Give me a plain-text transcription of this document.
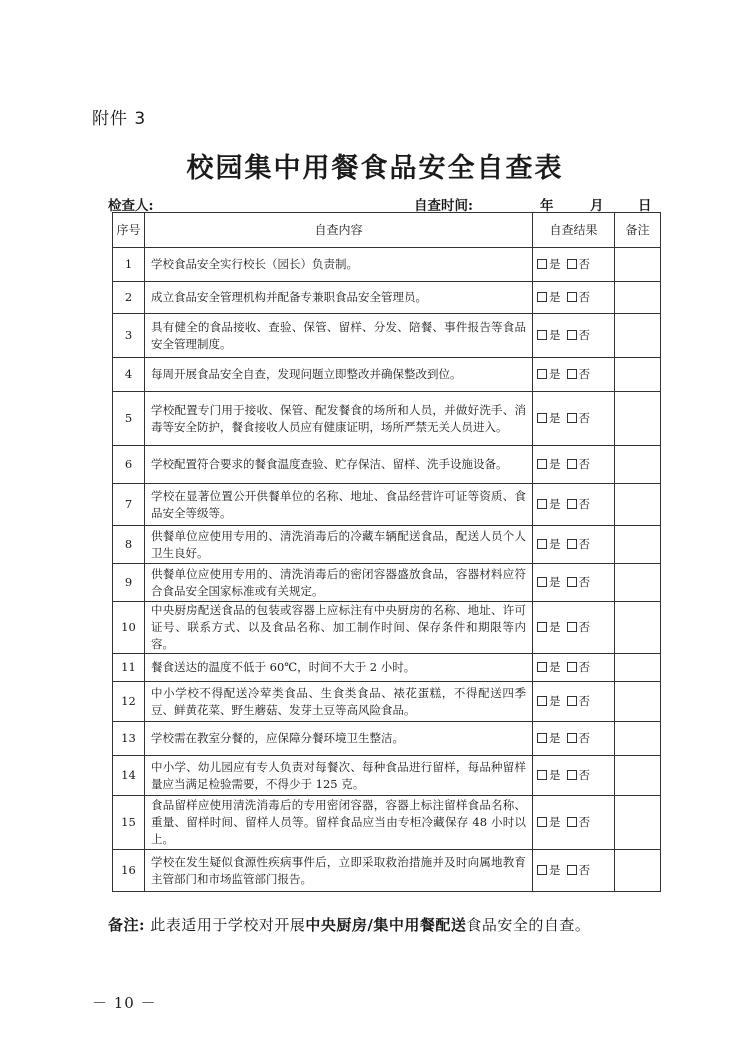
附件 3
校园集中用餐食品安全自查表
检查人:	自查时间:	年	月	日
序号	自查内容	自查结果	备注
1	学校食品安全实行校长（园长）负责制。	是 否	
2	成立食品安全管理机构并配备专兼职食品安全管理员。	是 否	
3	具有健全的食品接收、查验、保管、留样、分发、陪餐、事件报告等食品安全管理制度。	是 否	
4	每周开展食品安全自查，发现问题立即整改并确保整改到位。	是 否	
5	学校配置专门用于接收、保管、配发餐食的场所和人员，并做好洗手、消毒等安全防护，餐食接收人员应有健康证明，场所严禁无关人员进入。	是 否	
6	学校配置符合要求的餐食温度查验、贮存保洁、留样、洗手设施设备。	是 否	
7	学校在显著位置公开供餐单位的名称、地址、食品经营许可证等资质、食品安全等级等。	是 否	
8	供餐单位应使用专用的、清洗消毒后的冷藏车辆配送食品，配送人员个人卫生良好。	是 否	
9	供餐单位应使用专用的、清洗消毒后的密闭容器盛放食品，容器材料应符合食品安全国家标准或有关规定。	是 否	
10	中央厨房配送食品的包装或容器上应标注有中央厨房的名称、地址、许可证号、联系方式、以及食品名称、加工制作时间、保存条件和期限等内容。	是 否	
11	餐食送达的温度不低于 60℃，时间不大于 2 小时。	是 否	
12	中小学校不得配送冷荤类食品、生食类食品、裱花蛋糕，不得配送四季豆、鲜黄花菜、野生蘑菇、发芽土豆等高风险食品。	是 否	
13	学校需在教室分餐的，应保障分餐环境卫生整洁。	是 否	
14	中小学、幼儿园应有专人负责对每餐次、每种食品进行留样，每品种留样量应当满足检验需要，不得少于 125 克。	是 否	
15	食品留样应使用清洗消毒后的专用密闭容器，容器上标注留样食品名称、重量、留样时间、留样人员等。留样食品应当由专柜冷藏保存 48 小时以上。	是 否	
16	学校在发生疑似食源性疾病事件后，立即采取救治措施并及时向属地教育主管部门和市场监管部门报告。	是 否	
备注: 此表适用于学校对开展中央厨房/集中用餐配送食品安全的自查。
－ 10 －
